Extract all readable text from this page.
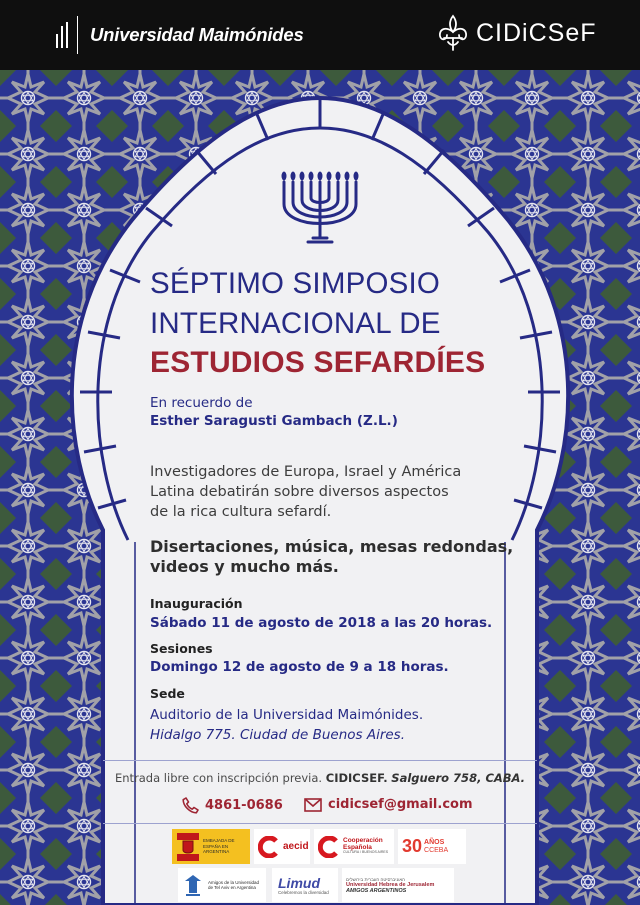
Universidad Maimónides	CIDiCSeF
SÉPTIMO SIMPOSIO
INTERNACIONAL DE
ESTUDIOS SEFARDÍES
En recuerdo de
Esther Saragusti Gambach (Z.L.)
Investigadores de Europa, Israel y América
Latina debatirán sobre diversos aspectos
de la rica cultura sefardí.
Disertaciones, música, mesas redondas,
videos y mucho más.
Inauguración
Sábado 11 de agosto de 2018 a las 20 horas.
Sesiones
Domingo 12 de agosto de 9 a 18 horas.
Sede
Auditorio de la Universidad Maimónides.
Hidalgo 775. Ciudad de Buenos Aires.
Entrada libre con inscripción previa. CIDICSEF. Salguero 758, CABA.
4861-0686	cidicsef@gmail.com
EMBAJADA DE ESPAÑA EN ARGENTINA	aecid
Cooperación
Española
CULTURA / BUENOS AIRES 30 AÑOS
CCEBA
Amigos de la Universidad de Tel Aviv en Argentina	Limud
Celebremos la diversidad
האוניברסיטה העברית בירושלים
Universidad Hebrea de Jerusalem
AMIGOS ARGENTINOS
